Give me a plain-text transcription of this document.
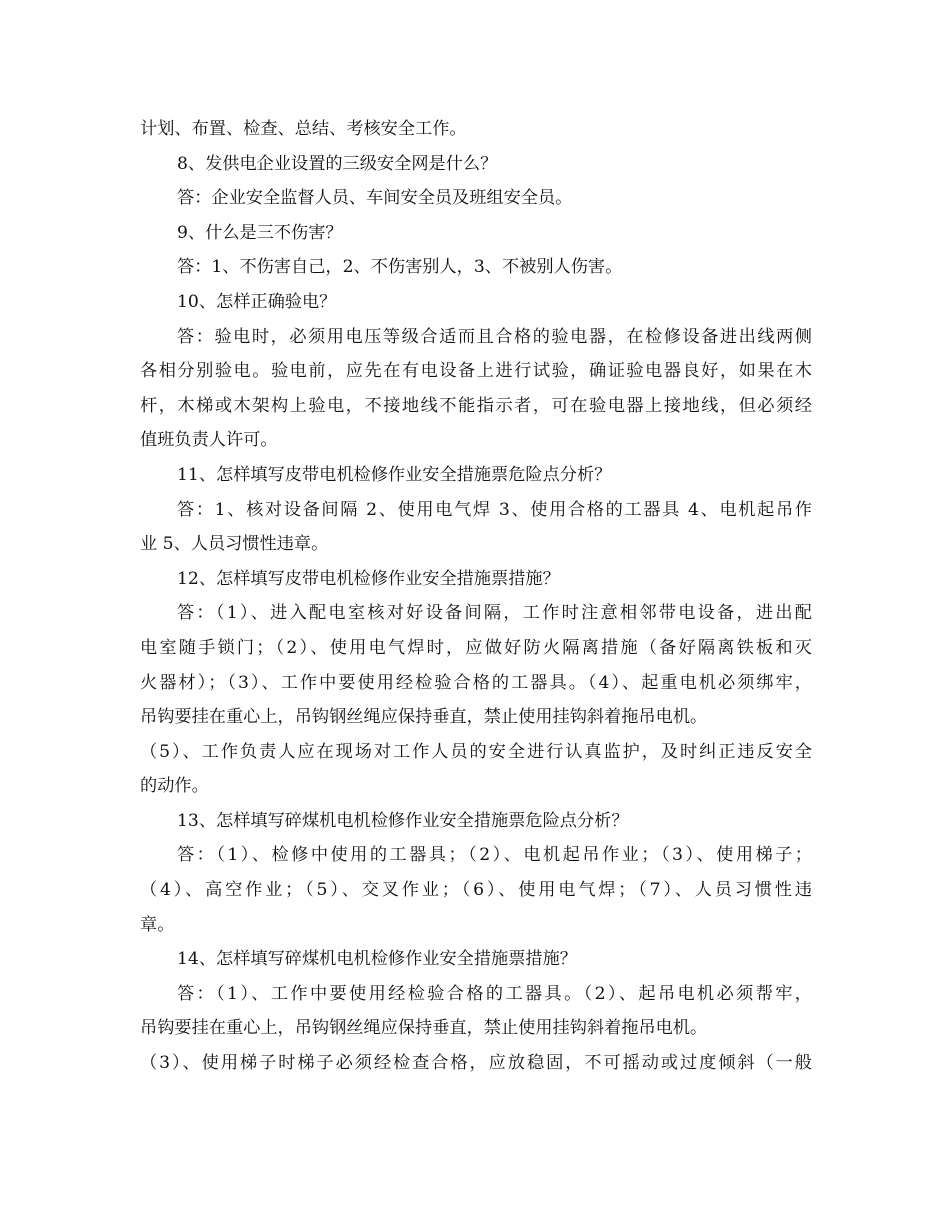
计划、布置、检查、总结、考核安全工作。
8、发供电企业设置的三级安全网是什么？
答：企业安全监督人员、车间安全员及班组安全员。
9、什么是三不伤害？
答：1、不伤害自己，2、不伤害别人，3、不被别人伤害。
10、怎样正确验电？
答：验电时，必须用电压等级合适而且合格的验电器，在检修设备进出线两侧
各相分别验电。验电前，应先在有电设备上进行试验，确证验电器良好，如果在木
杆，木梯或木架构上验电，不接地线不能指示者，可在验电器上接地线，但必须经
值班负责人许可。
11、怎样填写皮带电机检修作业安全措施票危险点分析？
答：1、核对设备间隔 2、使用电气焊 3、使用合格的工器具 4、电机起吊作
业 5、人员习惯性违章。
12、怎样填写皮带电机检修作业安全措施票措施？
答：（1）、进入配电室核对好设备间隔，工作时注意相邻带电设备，进出配
电室随手锁门；（2）、使用电气焊时，应做好防火隔离措施（备好隔离铁板和灭
火器材）；（3）、工作中要使用经检验合格的工器具。（4）、起重电机必须绑牢，
吊钩要挂在重心上，吊钩钢丝绳应保持垂直，禁止使用挂钩斜着拖吊电机。
（5）、工作负责人应在现场对工作人员的安全进行认真监护，及时纠正违反安全
的动作。
13、怎样填写碎煤机电机检修作业安全措施票危险点分析？
答：（1）、检修中使用的工器具；（2）、电机起吊作业；（3）、使用梯子；
（4）、高空作业；（5）、交叉作业；（6）、使用电气焊；（7）、人员习惯性违
章。
14、怎样填写碎煤机电机检修作业安全措施票措施？
答：（1）、工作中要使用经检验合格的工器具。（2）、起吊电机必须帮牢，
吊钩要挂在重心上，吊钩钢丝绳应保持垂直，禁止使用挂钩斜着拖吊电机。
（3）、使用梯子时梯子必须经检查合格，应放稳固，不可摇动或过度倾斜（一般
